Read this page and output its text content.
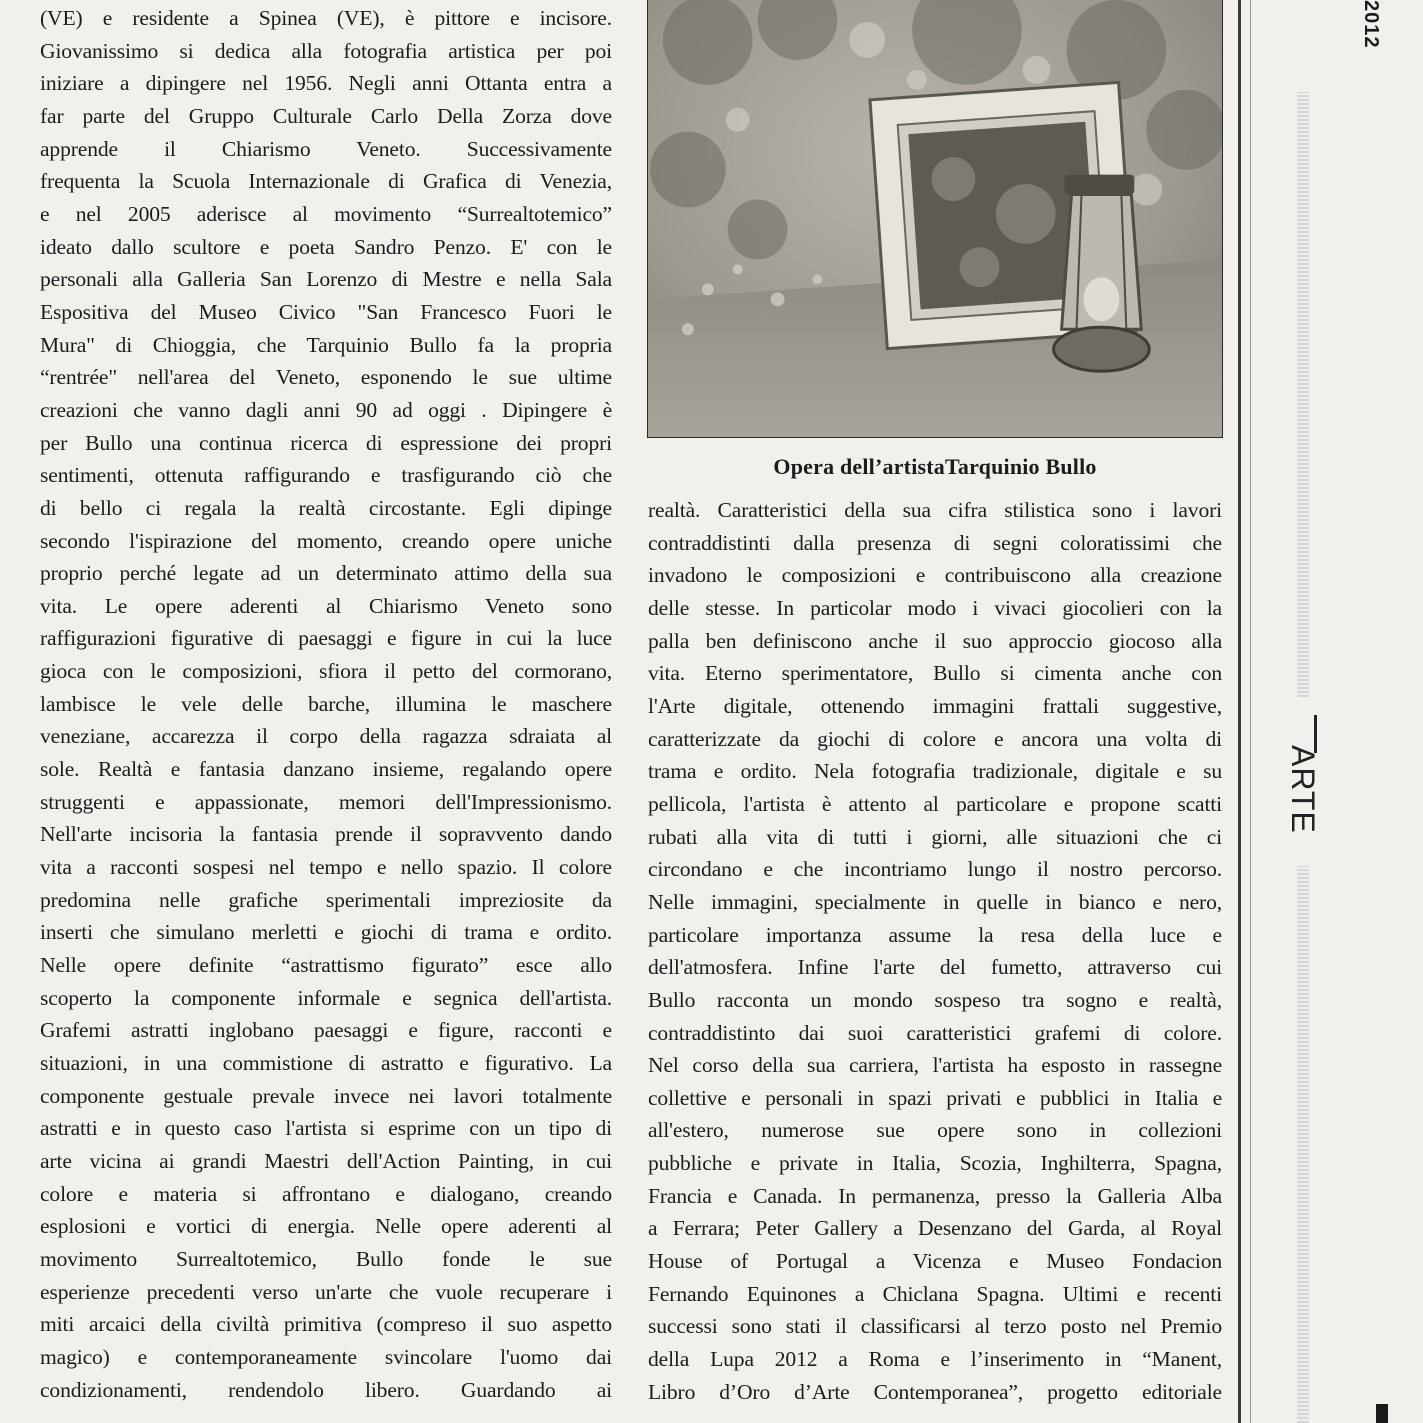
(VE) e residente a Spinea (VE), è pittore e incisore.
Giovanissimo si dedica alla fotografia artistica per poi
iniziare a dipingere nel 1956. Negli anni Ottanta entra a
far parte del Gruppo Culturale Carlo Della Zorza dove
apprende il Chiarismo Veneto. Successivamente
frequenta la Scuola Internazionale di Grafica di Venezia,
e nel 2005 aderisce al movimento “Surrealtotemico”
ideato dallo scultore e poeta Sandro Penzo. E' con le
personali alla Galleria San Lorenzo di Mestre e nella Sala
Espositiva del Museo Civico "San Francesco Fuori le
Mura" di Chioggia, che Tarquinio Bullo fa la propria
“rentrée" nell'area del Veneto, esponendo le sue ultime
creazioni che vanno dagli anni 90 ad oggi . Dipingere è
per Bullo una continua ricerca di espressione dei propri
sentimenti, ottenuta raffigurando e trasfigurando ciò che
di bello ci regala la realtà circostante. Egli dipinge
secondo l'ispirazione del momento, creando opere uniche
proprio perché legate ad un determinato attimo della sua
vita. Le opere aderenti al Chiarismo Veneto sono
raffigurazioni figurative di paesaggi e figure in cui la luce
gioca con le composizioni, sfiora il petto del cormorano,
lambisce le vele delle barche, illumina le maschere
veneziane, accarezza il corpo della ragazza sdraiata al
sole. Realtà e fantasia danzano insieme, regalando opere
struggenti e appassionate, memori dell'Impressionismo.
Nell'arte incisoria la fantasia prende il sopravvento dando
vita a racconti sospesi nel tempo e nello spazio. Il colore
predomina nelle grafiche sperimentali impreziosite da
inserti che simulano merletti e giochi di trama e ordito.
Nelle opere definite “astrattismo figurato” esce allo
scoperto la componente informale e segnica dell'artista.
Grafemi astratti inglobano paesaggi e figure, racconti e
situazioni, in una commistione di astratto e figurativo. La
componente gestuale prevale invece nei lavori totalmente
astratti e in questo caso l'artista si esprime con un tipo di
arte vicina ai grandi Maestri dell'Action Painting, in cui
colore e materia si affrontano e dialogano, creando
esplosioni e vortici di energia. Nelle opere aderenti al
movimento Surrealtotemico, Bullo fonde le sue
esperienze precedenti verso un'arte che vuole recuperare i
miti arcaici della civiltà primitiva (compreso il suo aspetto
magico) e contemporaneamente svincolare l'uomo dai
condizionamenti, rendendolo libero. Guardando ai
Opera dell’artistaTarquinio Bullo
realtà. Caratteristici della sua cifra stilistica sono i lavori
contraddistinti dalla presenza di segni coloratissimi che
invadono le composizioni e contribuiscono alla creazione
delle stesse. In particolar modo i vivaci giocolieri con la
palla ben definiscono anche il suo approccio giocoso alla
vita. Eterno sperimentatore, Bullo si cimenta anche con
l'Arte digitale, ottenendo immagini frattali suggestive,
caratterizzate da giochi di colore e ancora una volta di
trama e ordito. Nela fotografia tradizionale, digitale e su
pellicola, l'artista è attento al particolare e propone scatti
rubati alla vita di tutti i giorni, alle situazioni che ci
circondano e che incontriamo lungo il nostro percorso.
Nelle immagini, specialmente in quelle in bianco e nero,
particolare importanza assume la resa della luce e
dell'atmosfera. Infine l'arte del fumetto, attraverso cui
Bullo racconta un mondo sospeso tra sogno e realtà,
contraddistinto dai suoi caratteristici grafemi di colore.
Nel corso della sua carriera, l'artista ha esposto in rassegne
collettive e personali in spazi privati e pubblici in Italia e
all'estero, numerose sue opere sono in collezioni
pubbliche e private in Italia, Scozia, Inghilterra, Spagna,
Francia e Canada. In permanenza, presso la Galleria Alba
a Ferrara; Peter Gallery a Desenzano del Garda, al Royal
House of Portugal a Vicenza e Museo Fondacion
Fernando Equinones a Chiclana Spagna. Ultimi e recenti
successi sono stati il classificarsi al terzo posto nel Premio
della Lupa 2012 a Roma e l’inserimento in “Manent,
Libro d’Oro d’Arte Contemporanea”, progetto editoriale
ARTE
2012
